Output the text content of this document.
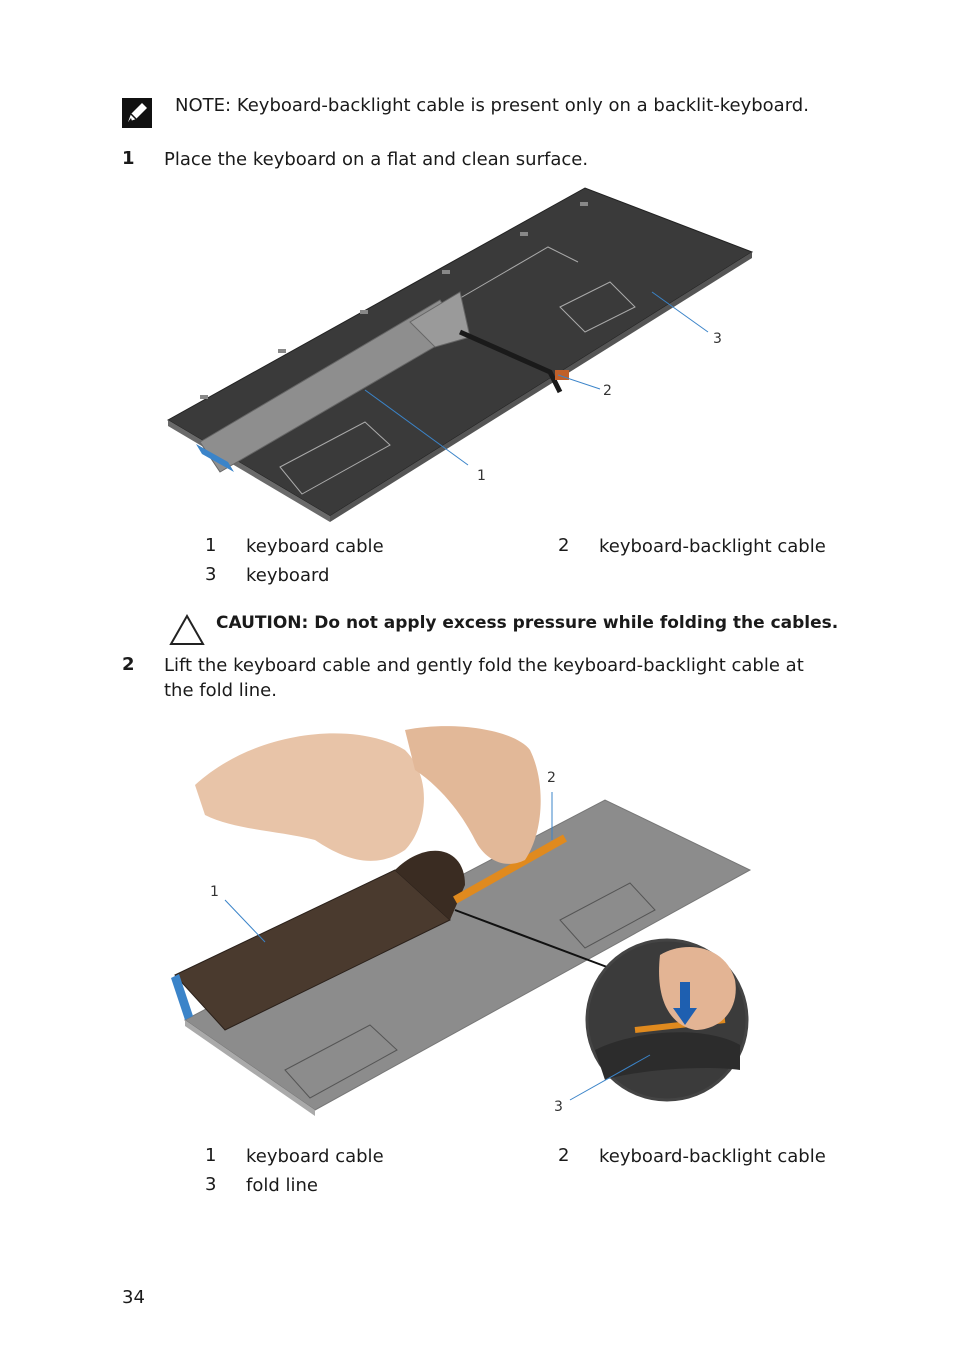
NOTE: Keyboard-backlight cable is present only on a backlit-keyboard.
1 Place the keyboard on a flat and clean surface.
1
2
3
1 keyboard cable	2 keyboard-backlight cable
3 keyboard
CAUTION: Do not apply excess pressure while folding the cables.
2 Lift the keyboard cable and gently fold the keyboard-backlight cable at
the fold line.
1
2
3
1 keyboard cable	2 keyboard-backlight cable
3 fold line
34
